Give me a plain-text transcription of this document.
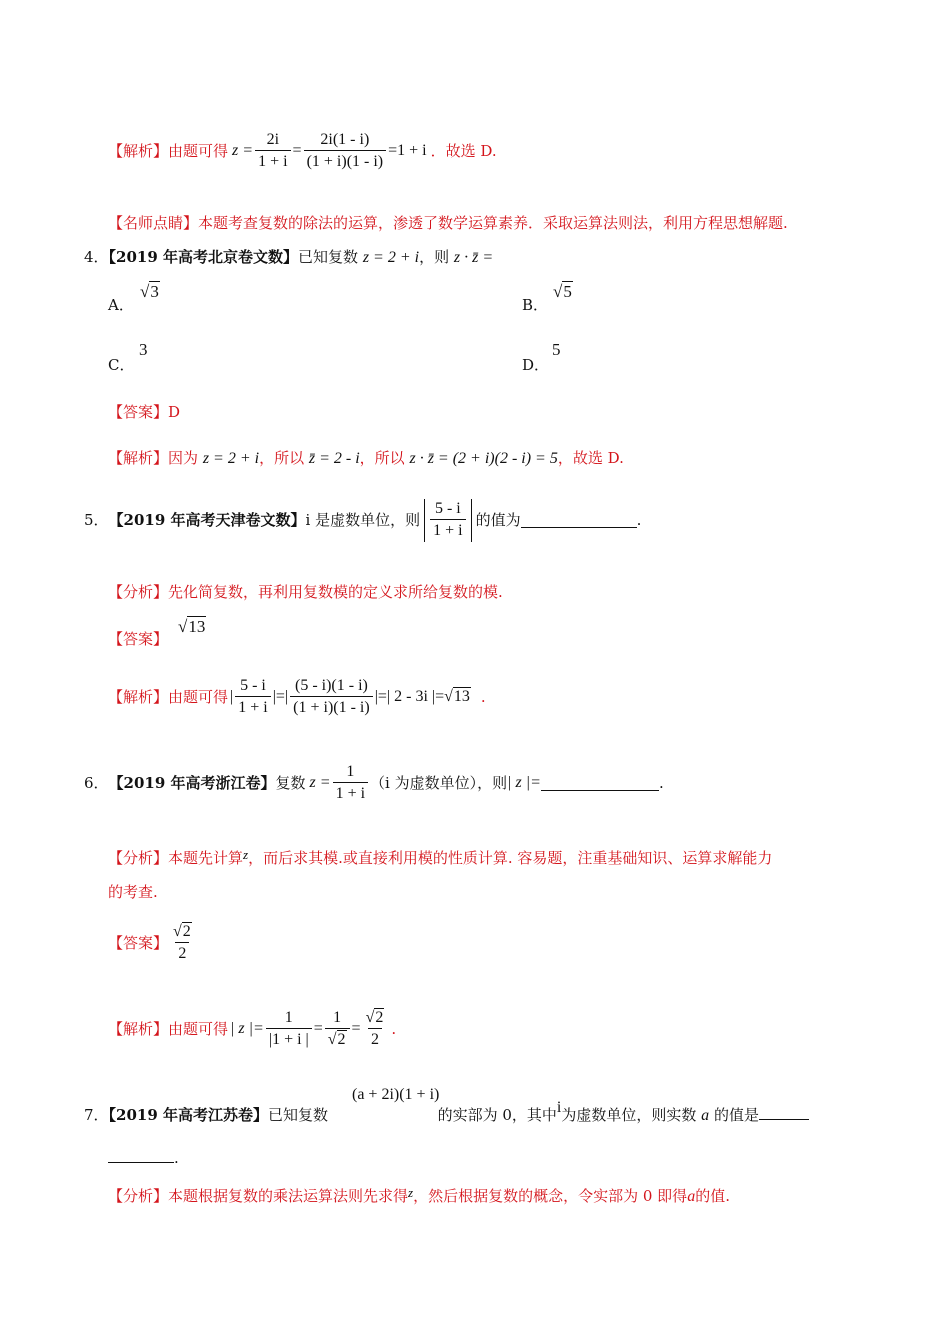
【解析】 由题可得 $z = \frac{2i}{1 + i} = \frac{2i(1 - i)}{(1 + i)(1 - i)} =1 + i$ ．故选 D.
【名师点睛】本题考查复数的除法的运算，渗透了数学运算素养．采取运算法则法，利用方程思想解题.
4．【2019 年高考北京卷文数】已知复数 z = 2 + i，则 z · z̄ =
A．
√3
B．
√5
C．
3
D．
5
【答案】D
【解析】因为 z = 2 + i，所以 z̄ = 2 - i，所以 z · z̄ = (2 + i)(2 - i) = 5，故选 D.
5． 【2019 年高考天津卷文数】 i 是虚数单位，则 $\frac{5 - i}{1 + i}$ 的值为	.
【分析】先化简复数，再利用复数模的定义求所给复数的模.
【答案】
√13
【解析】 由题可得 | $\frac{5 - i}{1 + i}$ |=| $\frac{(5 - i)(1 - i)}{(1 + i)(1 - i)}$ |=| 2 - 3i |= √13 .
6． 【2019 年高考浙江卷】 复数 $z = \frac{1}{1 + i} (i$ 为虚数单位），则 | z |=	.
【分析】本题先计算z，而后求其模.或直接利用模的性质计算. 容易题，注重基础知识、运算求解能力
的考查.
【答案】 $\frac{√2}{2}$
【解析】 由题可得 | z |= $\frac{1}{|1 + i |} = \frac{1}{√2} = \frac{√2}{2}$ .
(a + 2i)(1 + i)
7．【2019 年高考江苏卷】已知复数	的实部为 0，其中i为虚数单位，则实数 a 的值是
.
【分析】本题根据复数的乘法运算法则先求得z，然后根据复数的概念，令实部为 0 即得a的值.
